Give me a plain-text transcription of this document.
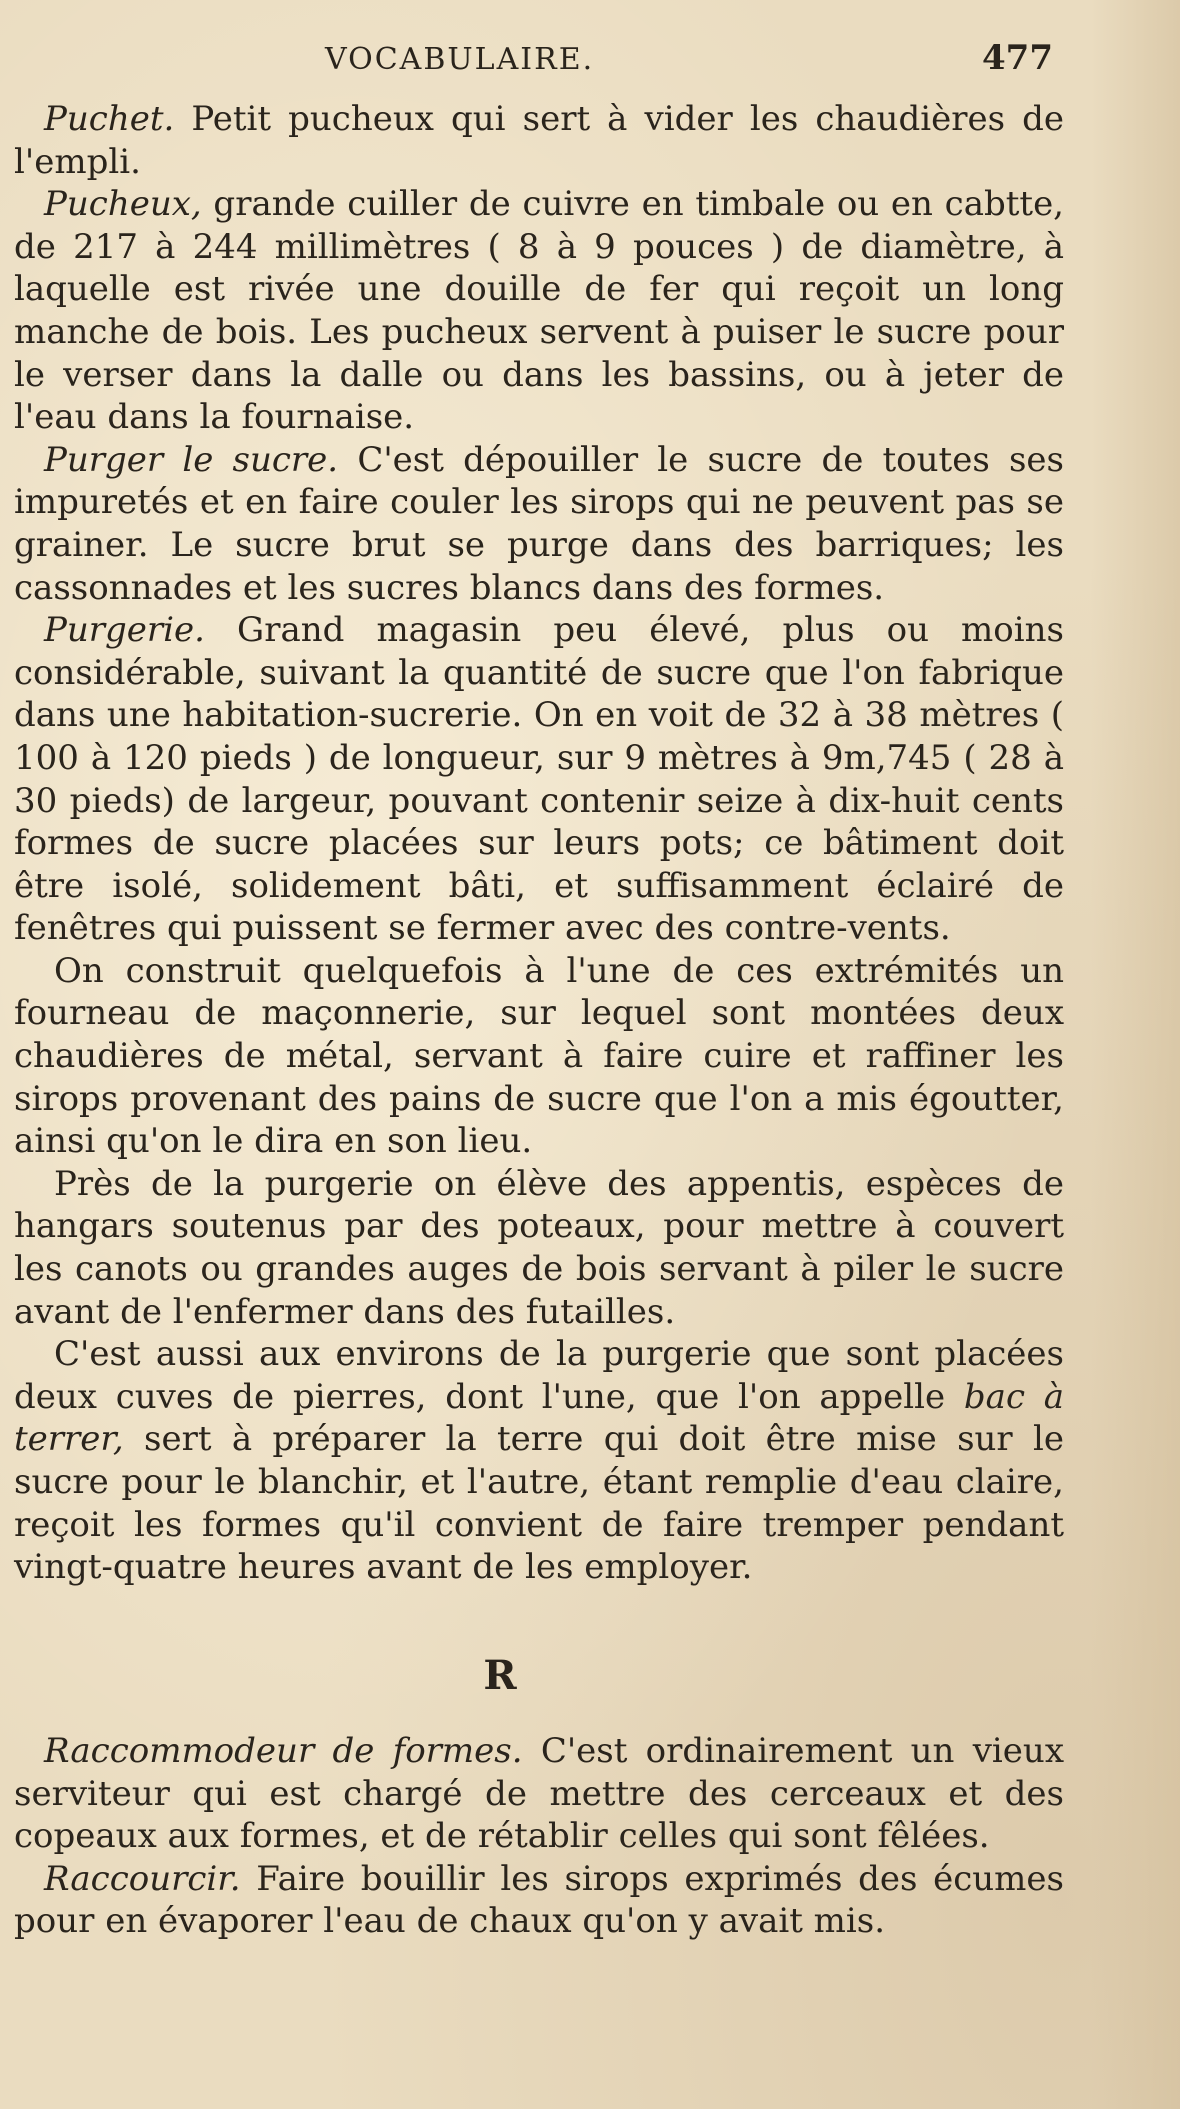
VOCABULAIRE.	477

Puchet. Petit pucheux qui sert à vider les chaudières de l'empli.

Pucheux, grande cuiller de cuivre en timbale ou en cabtte, de 217 à 244 millimètres ( 8 à 9 pouces ) de diamètre, à laquelle est rivée une douille de fer qui reçoit un long manche de bois. Les pucheux servent à puiser le sucre pour le verser dans la dalle ou dans les bassins, ou à jeter de l'eau dans la fournaise.

Purger le sucre. C'est dépouiller le sucre de toutes ses impuretés et en faire couler les sirops qui ne peuvent pas se grainer. Le sucre brut se purge dans des barriques; les cassonnades et les sucres blancs dans des formes.

Purgerie. Grand magasin peu élevé, plus ou moins considérable, suivant la quantité de sucre que l'on fabrique dans une habitation-sucrerie. On en voit de 32 à 38 mètres ( 100 à 120 pieds ) de longueur, sur 9 mètres à 9m,745 ( 28 à 30 pieds) de largeur, pouvant contenir seize à dix-huit cents formes de sucre placées sur leurs pots; ce bâtiment doit être isolé, solidement bâti, et suffisamment éclairé de fenêtres qui puissent se fermer avec des contre-vents.

On construit quelquefois à l'une de ces extrémités un fourneau de maçonnerie, sur lequel sont montées deux chaudières de métal, servant à faire cuire et raffiner les sirops provenant des pains de sucre que l'on a mis égoutter, ainsi qu'on le dira en son lieu.

Près de la purgerie on élève des appentis, espèces de hangars soutenus par des poteaux, pour mettre à couvert les canots ou grandes auges de bois servant à piler le sucre avant de l'enfermer dans des futailles.

C'est aussi aux environs de la purgerie que sont placées deux cuves de pierres, dont l'une, que l'on appelle bac à terrer, sert à préparer la terre qui doit être mise sur le sucre pour le blanchir, et l'autre, étant remplie d'eau claire, reçoit les formes qu'il convient de faire tremper pendant vingt-quatre heures avant de les employer.

R

Raccommodeur de formes. C'est ordinairement un vieux serviteur qui est chargé de mettre des cerceaux et des copeaux aux formes, et de rétablir celles qui sont fêlées.

Raccourcir. Faire bouillir les sirops exprimés des écumes pour en évaporer l'eau de chaux qu'on y avait mis.
